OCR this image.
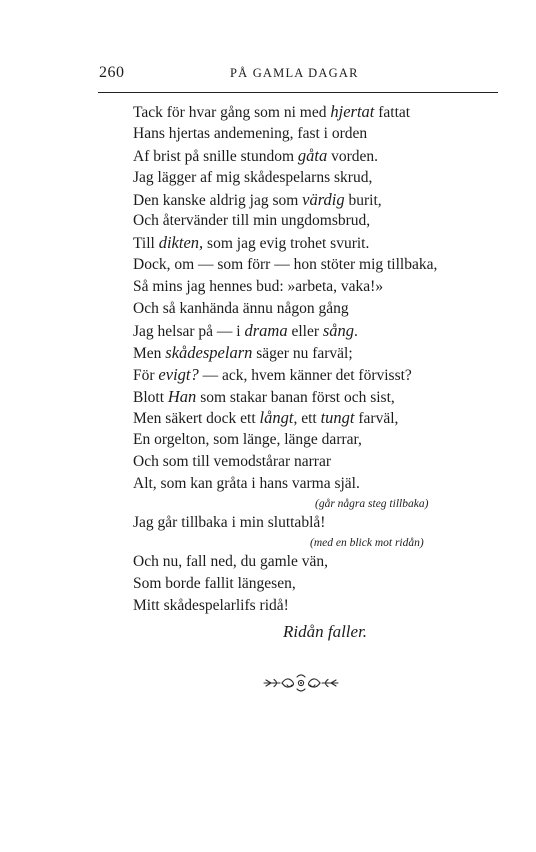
260	PÅ GAMLA DAGAR
Tack för hvar gång som ni med hjertat fattat
Hans hjertas andemening, fast i orden
Af brist på snille stundom gåta vorden.
Jag lägger af mig skådespelarns skrud,
Den kanske aldrig jag som värdig burit,
Och återvänder till min ungdomsbrud,
Till dikten, som jag evig trohet svurit.
Dock, om — som förr — hon stöter mig tillbaka,
Så mins jag hennes bud: »arbeta, vaka!»
Och så kanhända ännu någon gång
Jag helsar på — i drama eller sång.
Men skådespelarn säger nu farväl;
För evigt? — ack, hvem känner det förvisst?
Blott Han som stakar banan först och sist,
Men säkert dock ett långt, ett tungt farväl,
En orgelton, som länge, länge darrar,
Och som till vemodstårar narrar
Alt, som kan gråta i hans varma själ.
(går några steg tillbaka)
Jag går tillbaka i min sluttablå!
(med en blick mot ridån)
Och nu, fall ned, du gamle vän,
Som borde fallit längesen,
Mitt skådespelarlifs ridå!
Ridån faller.
